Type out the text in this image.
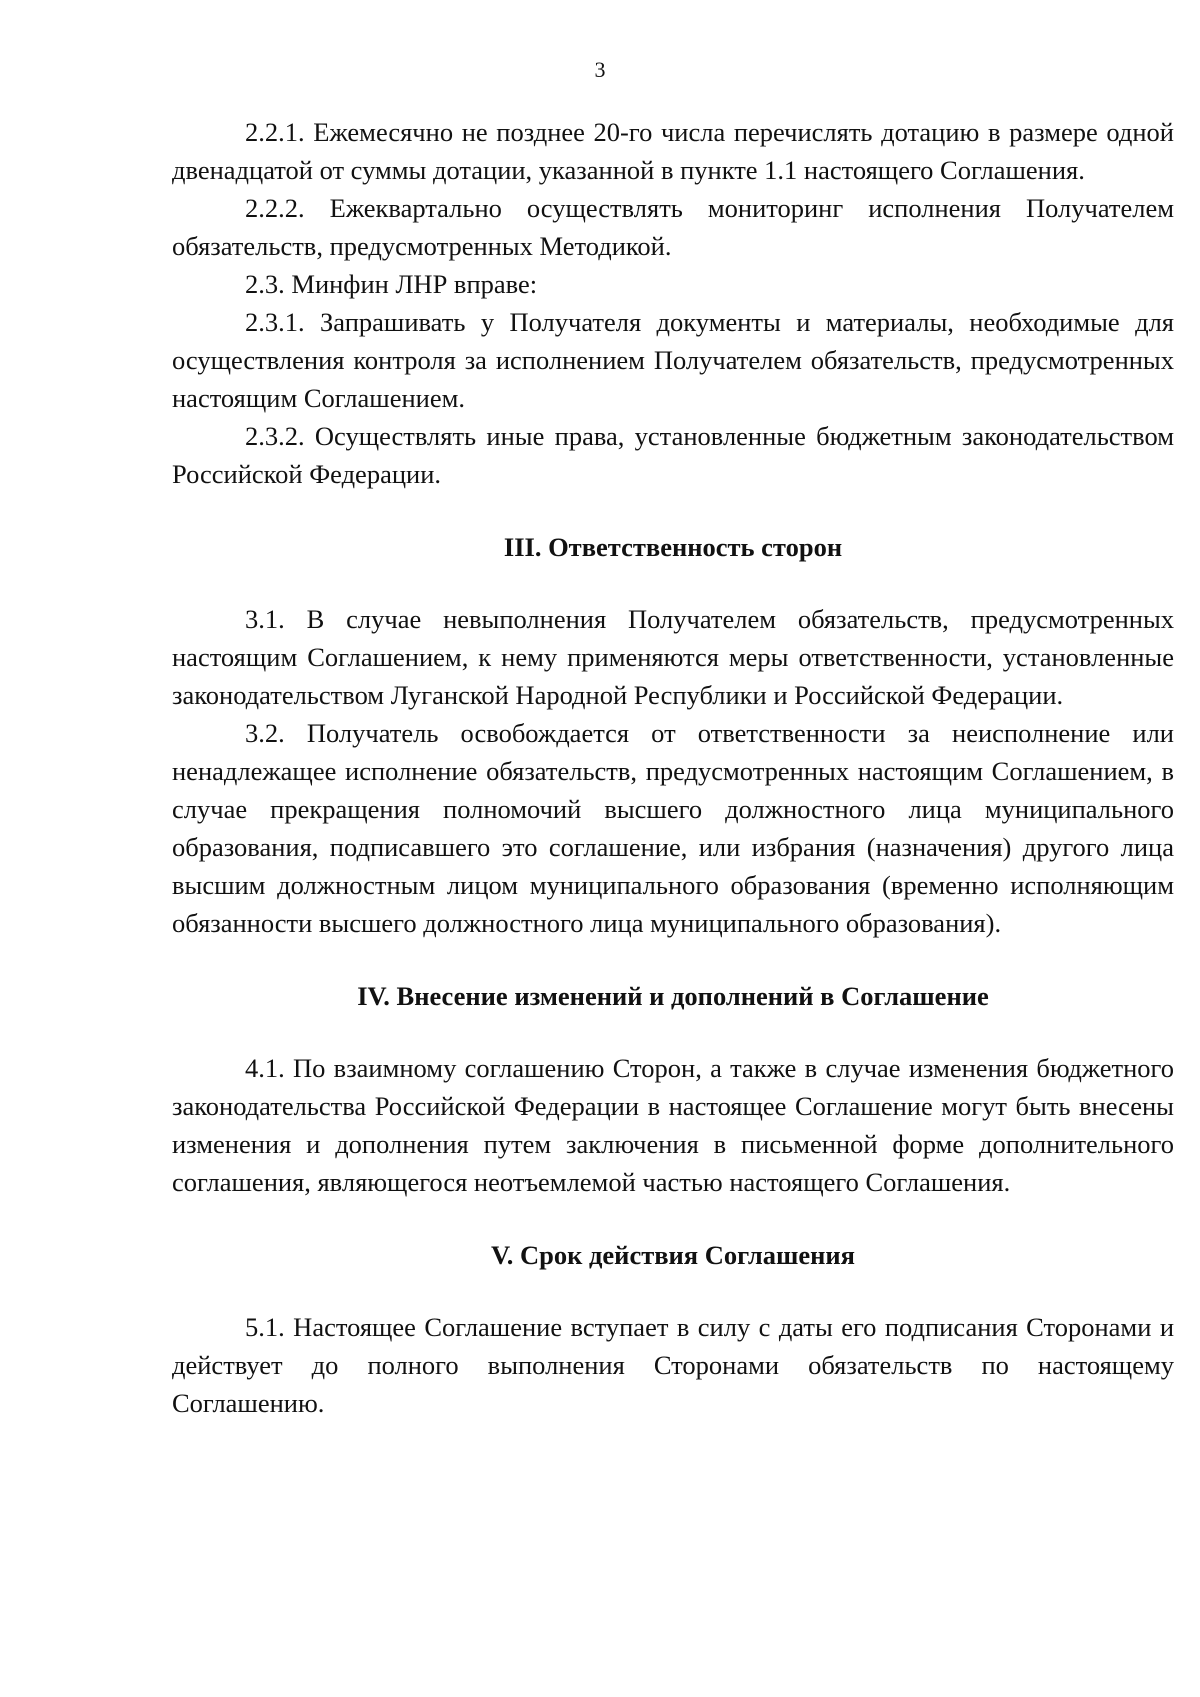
3

2.2.1. Ежемесячно не позднее 20-го числа перечислять дотацию в размере одной двенадцатой от суммы дотации, указанной в пункте 1.1 настоящего Соглашения.

2.2.2. Ежеквартально осуществлять мониторинг исполнения Получателем обязательств, предусмотренных Методикой.

2.3. Минфин ЛНР вправе:

2.3.1. Запрашивать у Получателя документы и материалы, необходимые для осуществления контроля за исполнением Получателем обязательств, предусмотренных настоящим Соглашением.

2.3.2. Осуществлять иные права, установленные бюджетным законодательством Российской Федерации.

III. Ответственность сторон

3.1. В случае невыполнения Получателем обязательств, предусмотренных настоящим Соглашением, к нему применяются меры ответственности, установленные законодательством Луганской Народной Республики и Российской Федерации.

3.2. Получатель освобождается от ответственности за неисполнение или ненадлежащее исполнение обязательств, предусмотренных настоящим Соглашением, в случае прекращения полномочий высшего должностного лица муниципального образования, подписавшего это соглашение, или избрания (назначения) другого лица высшим должностным лицом муниципального образования (временно исполняющим обязанности высшего должностного лица муниципального образования).

IV. Внесение изменений и дополнений в Соглашение

4.1. По взаимному соглашению Сторон, а также в случае изменения бюджетного законодательства Российской Федерации в настоящее Соглашение могут быть внесены изменения и дополнения путем заключения в письменной форме дополнительного соглашения, являющегося неотъемлемой частью настоящего Соглашения.

V. Срок действия Соглашения

5.1. Настоящее Соглашение вступает в силу с даты его подписания Сторонами и действует до полного выполнения Сторонами обязательств по настоящему Соглашению.
